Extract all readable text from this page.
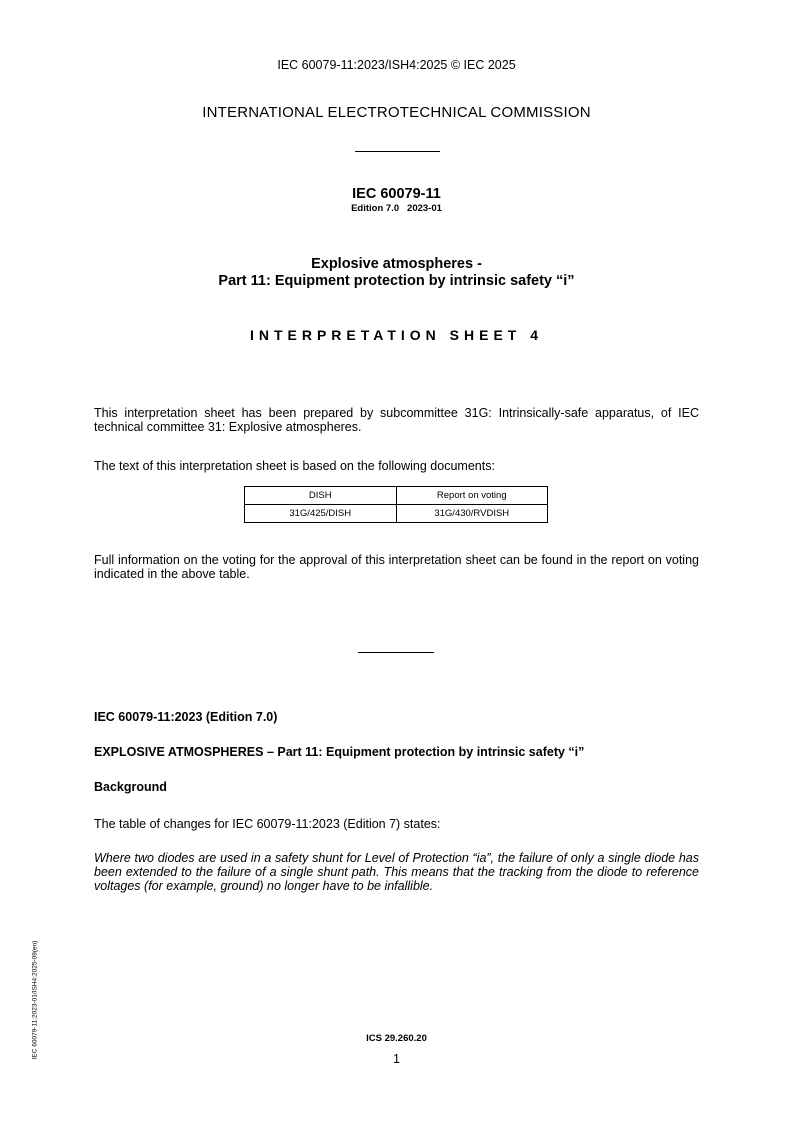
IEC 60079-11:2023/ISH4:2025 © IEC 2025
INTERNATIONAL ELECTROTECHNICAL COMMISSION
IEC 60079-11
Edition 7.0   2023-01
Explosive atmospheres -
Part 11: Equipment protection by intrinsic safety “i”
INTERPRETATION SHEET 4
This interpretation sheet has been prepared by subcommittee 31G: Intrinsically-safe apparatus, of IEC technical committee 31: Explosive atmospheres.
The text of this interpretation sheet is based on the following documents:
DISH	Report on voting
31G/425/DISH	31G/430/RVDISH
Full information on the voting for the approval of this interpretation sheet can be found in the report on voting indicated in the above table.
IEC 60079-11:2023 (Edition 7.0)
EXPLOSIVE ATMOSPHERES – Part 11: Equipment protection by intrinsic safety “i”
Background
The table of changes for IEC 60079-11:2023 (Edition 7) states:
Where two diodes are used in a safety shunt for Level of Protection “ia”, the failure of only a single diode has been extended to the failure of a single shunt path. This means that the tracking from the diode to reference voltages (for example, ground) no longer have to be infallible.
ICS 29.260.20
1
IEC 60079-11:2023-01/ISH4:2025-09(en)
